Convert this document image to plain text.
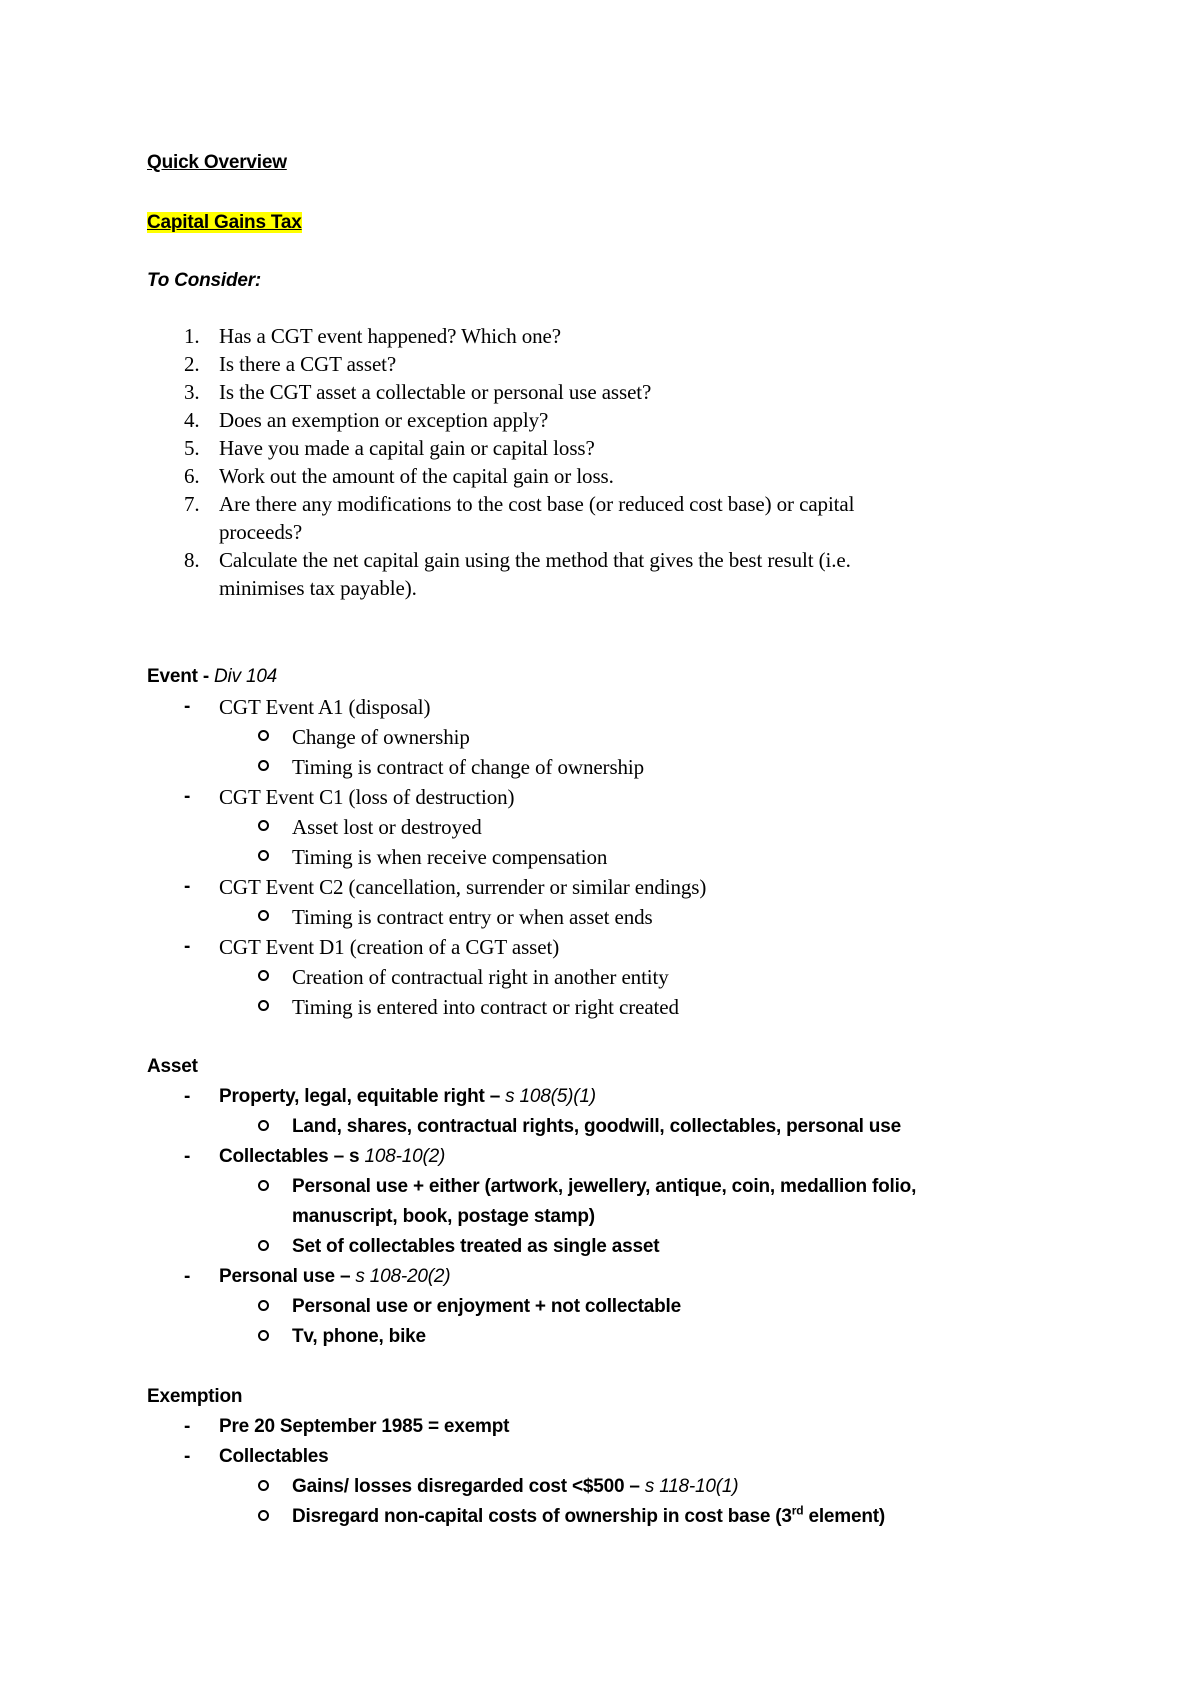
Quick Overview
Capital Gains Tax
To Consider:
1. Has a CGT event happened? Which one?
2. Is there a CGT asset?
3. Is the CGT asset a collectable or personal use asset?
4. Does an exemption or exception apply?
5. Have you made a capital gain or capital loss?
6. Work out the amount of the capital gain or loss.
7. Are there any modifications to the cost base (or reduced cost base) or capital
proceeds?
8. Calculate the net capital gain using the method that gives the best result (i.e.
minimises tax payable).
Event - Div 104
- CGT Event A1 (disposal)
Change of ownership
Timing is contract of change of ownership
- CGT Event C1 (loss of destruction)
Asset lost or destroyed
Timing is when receive compensation
- CGT Event C2 (cancellation, surrender or similar endings)
Timing is contract entry or when asset ends
- CGT Event D1 (creation of a CGT asset)
Creation of contractual right in another entity
Timing is entered into contract or right created
Asset
- Property, legal, equitable right – s 108(5)(1)
Land, shares, contractual rights, goodwill, collectables, personal use
- Collectables – s 108-10(2)
Personal use + either (artwork, jewellery, antique, coin, medallion folio,
manuscript, book, postage stamp)
Set of collectables treated as single asset
- Personal use – s 108-20(2)
Personal use or enjoyment + not collectable
Tv, phone, bike
Exemption
- Pre 20 September 1985 = exempt
- Collectables
Gains/ losses disregarded cost <$500 – s 118-10(1)
Disregard non-capital costs of ownership in cost base (3rd element)
